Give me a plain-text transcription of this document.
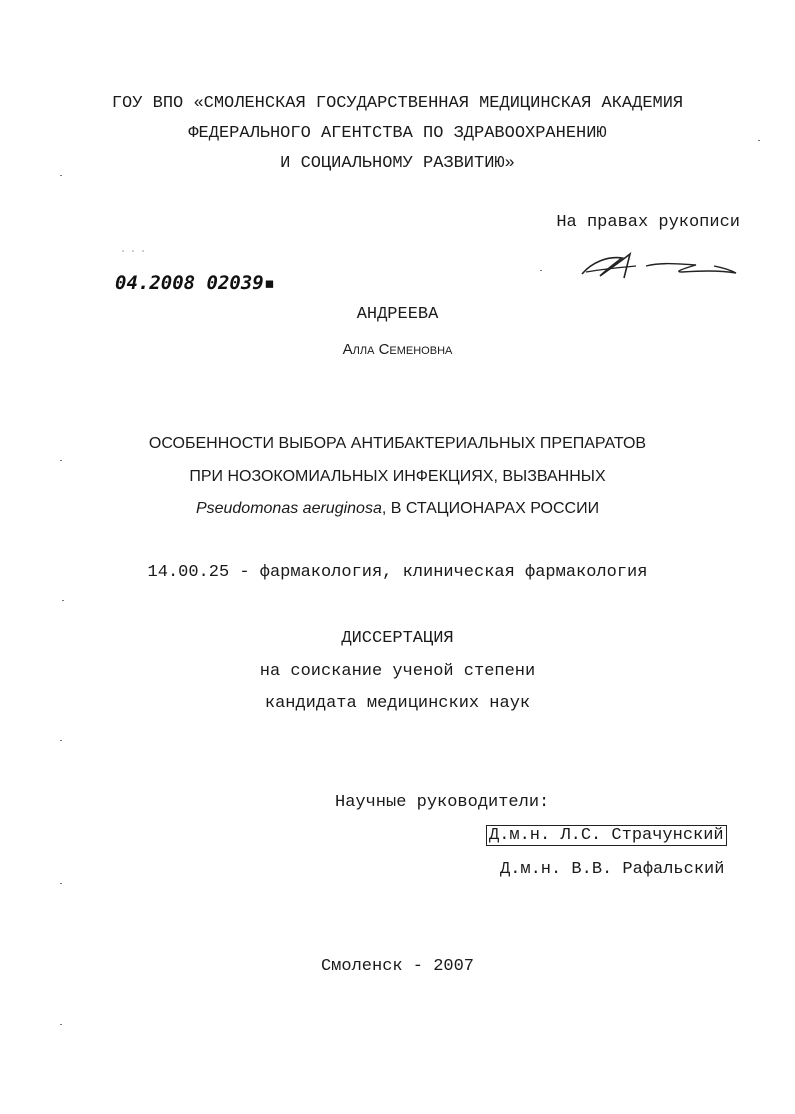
ГОУ ВПО «СМОЛЕНСКАЯ ГОСУДАРСТВЕННАЯ МЕДИЦИНСКАЯ АКАДЕМИЯ
ФЕДЕРАЛЬНОГО АГЕНТСТВА ПО ЗДРАВООХРАНЕНИЮ
И СОЦИАЛЬНОМУ РАЗВИТИЮ»
На правах рукописи
˙˙˙
04.2008 02039▪
АНДРЕЕВА
Алла Семеновна
ОСОБЕННОСТИ ВЫБОРА АНТИБАКТЕРИАЛЬНЫХ ПРЕПАРАТОВ
ПРИ НОЗОКОМИАЛЬНЫХ ИНФЕКЦИЯХ, ВЫЗВАННЫХ
Pseudomonas aeruginosa, В СТАЦИОНАРАХ РОССИИ
14.00.25 - фармакология, клиническая фармакология
ДИССЕРТАЦИЯ
на соискание ученой степени
кандидата медицинских наук
Научные руководители:
Д.м.н. Л.С. Страчунский
Д.м.н. В.В. Рафальский
Смоленск - 2007
